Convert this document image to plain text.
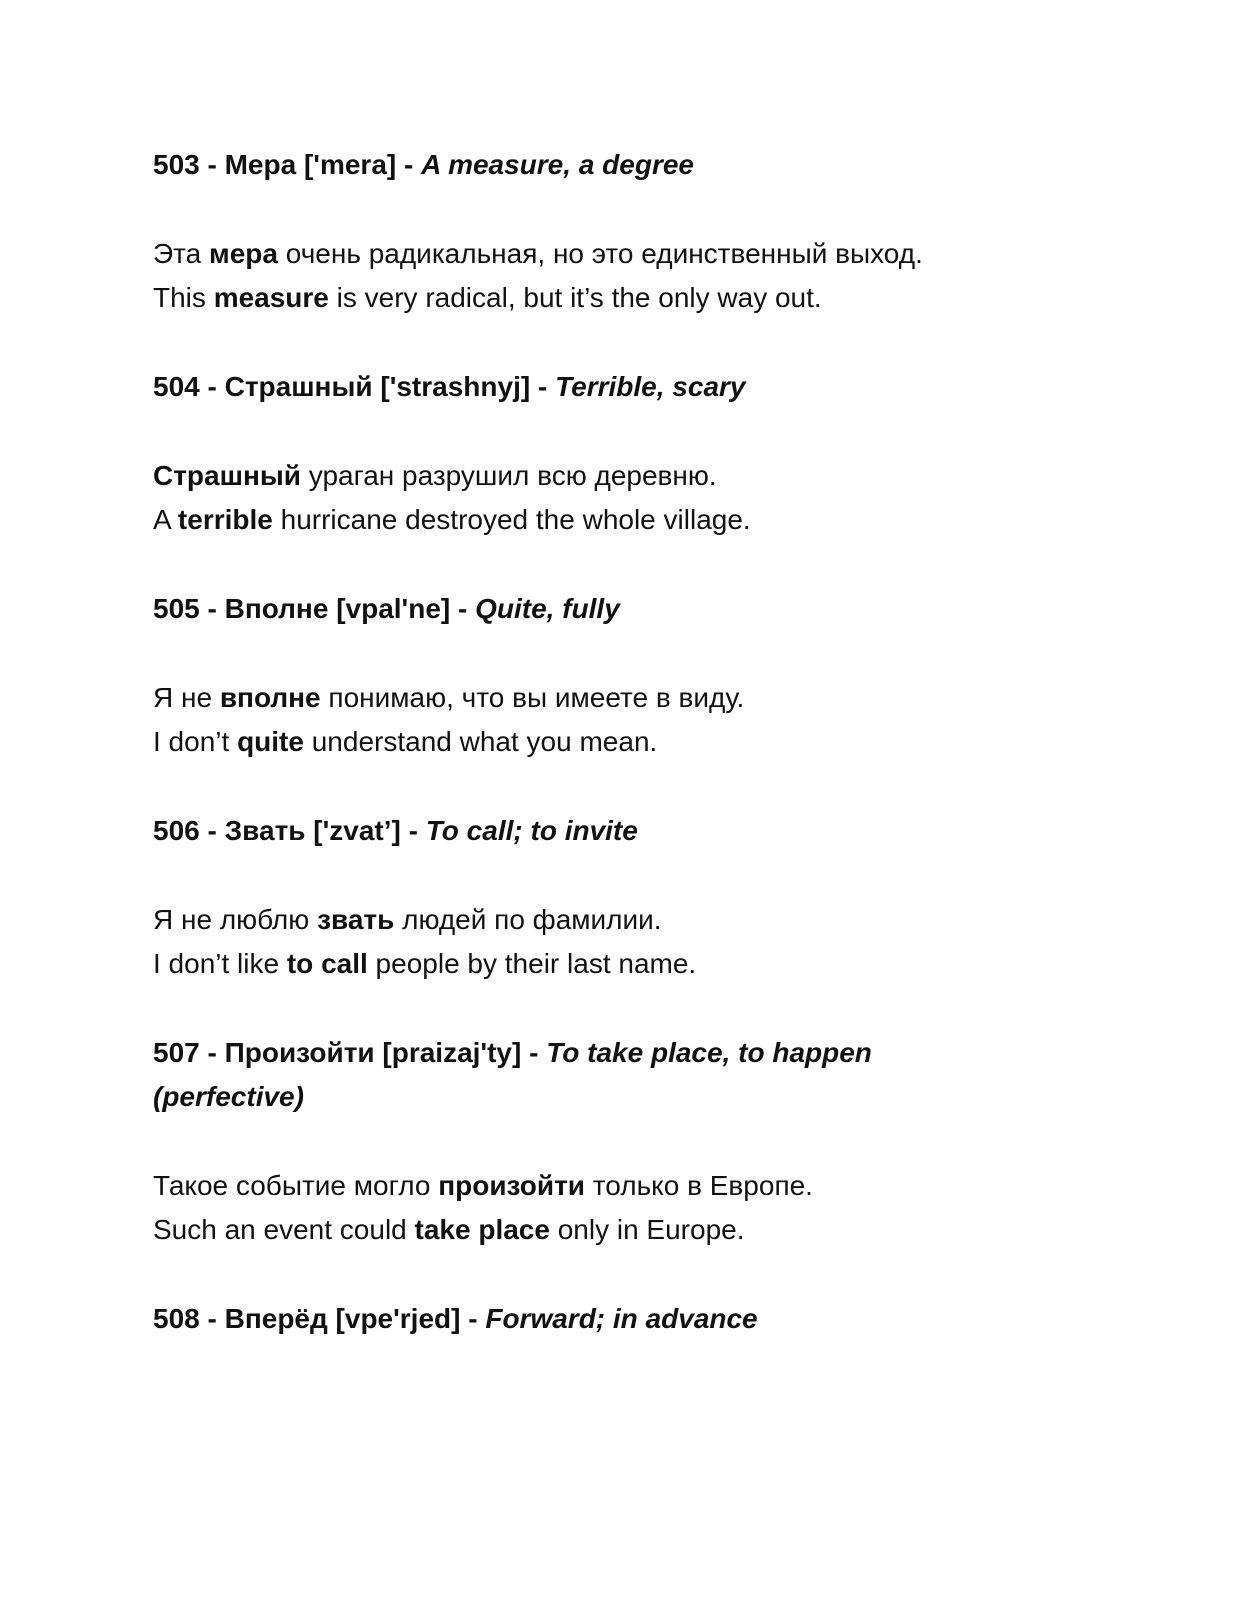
503 - Мера ['mera] - A measure, a degree

Эта мера очень радикальная, но это единственный выход.

This measure is very radical, but it’s the only way out.

504 - Страшный ['strashnyj] - Terrible, scary

Страшный ураган разрушил всю деревню.

A terrible hurricane destroyed the whole village.

505 - Вполне [vpal'ne] - Quite, fully

Я не вполне понимаю, что вы имеете в виду.

I don’t quite understand what you mean.

506 - Звать ['zvat’] - To call; to invite

Я не люблю звать людей по фамилии.

I don’t like to call people by their last name.

507 - Произойти [praizaj'ty] - To take place, to happen
(perfective)

Такое событие могло произойти только в Европе.

Such an event could take place only in Europe.

508 - Вперёд [vpe'rjed] - Forward; in advance
